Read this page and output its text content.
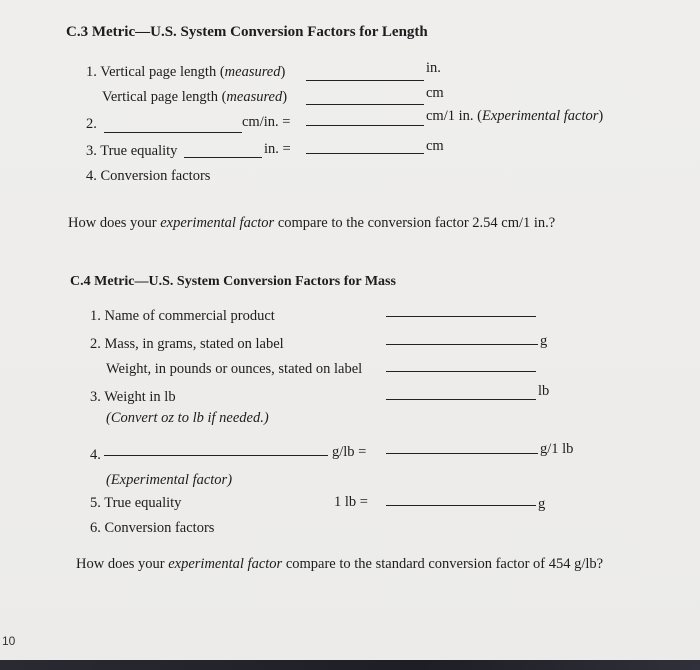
C.3 Metric—U.S. System Conversion Factors for Length
1. Vertical page length (measured)	in.
Vertical page length (measured)	cm
2.	cm/in. =	cm/1 in. (Experimental factor)
3. True equality	in. =	cm
4. Conversion factors
How does your experimental factor compare to the conversion factor 2.54 cm/1 in.?
C.4 Metric—U.S. System Conversion Factors for Mass
1. Name of commercial product
2. Mass, in grams, stated on label	g
Weight, in pounds or ounces, stated on label
3. Weight in lb	lb
(Convert oz to lb if needed.)
4.	g/lb =	g/1 lb
(Experimental factor)
5. True equality	1 lb =	g
6. Conversion factors
How does your experimental factor compare to the standard conversion factor of 454 g/lb?
10
